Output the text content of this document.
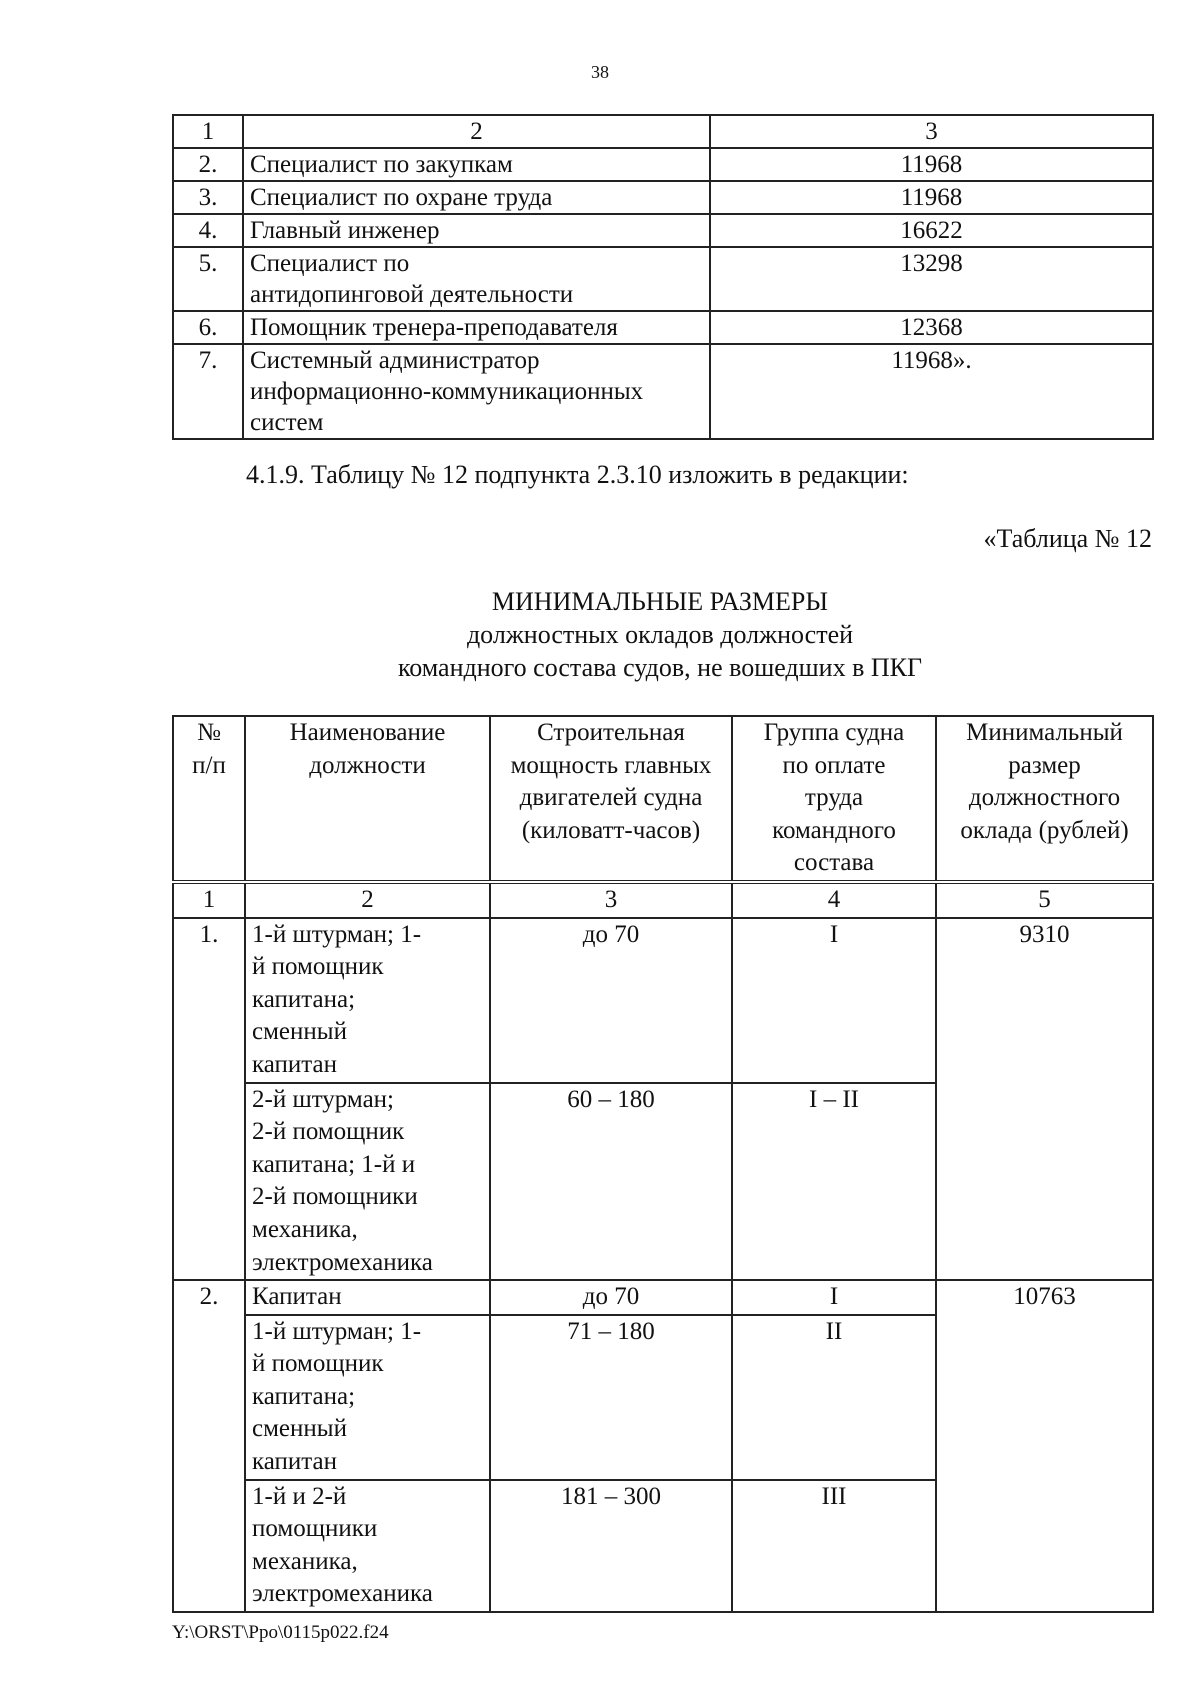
38
1	2	3
2.	Специалист по закупкам	11968
3.	Специалист по охране труда	11968
4.	Главный инженер	16622
5.	Специалист по антидопинговой деятельности	13298
6.	Помощник тренера-преподавателя	12368
7.	Системный администратор информационно-коммуникационных систем	11968».
4.1.9. Таблицу № 12 подпункта 2.3.10 изложить в редакции:
«Таблица № 12
МИНИМАЛЬНЫЕ РАЗМЕРЫ
должностных окладов должностей
командного состава судов, не вошедших в ПКГ
№ п/п	Наименование должности	Строительная мощность главных двигателей судна (киловатт-часов)	Группа судна по оплате труда командного состава	Минимальный размер должностного оклада (рублей)
1	2	3	4	5
1.	1-й штурман; 1-й помощник капитана; сменный капитан	до 70	I	9310
	2-й штурман; 2-й помощник капитана; 1-й и 2-й помощники механика, электромеханика	60 – 180	I – II	
2.	Капитан	до 70	I	10763
	1-й штурман; 1-й помощник капитана; сменный капитан	71 – 180	II	
	1-й и 2-й помощники механика, электромеханика	181 – 300	III	
Y:\ORST\Ppo\0115p022.f24
